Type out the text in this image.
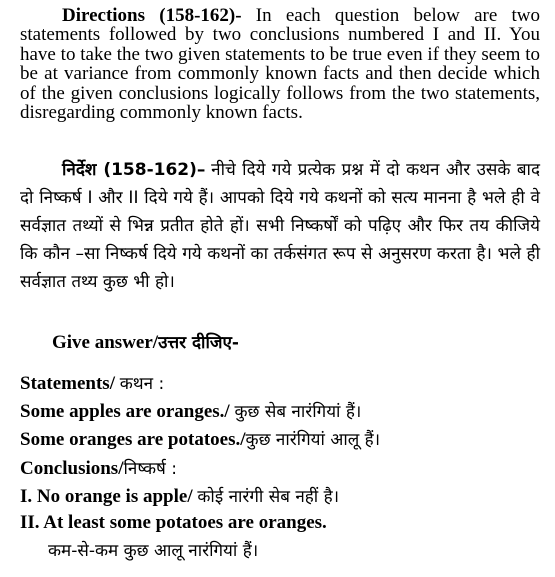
Directions (158-162)- In each question below are two statements followed by two conclusions numbered I and II. You have to take the two given statements to be true even if they seem to be at variance from commonly known facts and then decide which of the given conclusions logically follows from the two statements, disregarding commonly known facts.

निर्देश (158-162)– नीचे दिये गये प्रत्येक प्रश्न में दो कथन और उसके बाद दो निष्कर्ष I और II दिये गये हैं। आपको दिये गये कथनों को सत्य मानना है भले ही वे सर्वज्ञात तथ्यों से भिन्न प्रतीत होते हों। सभी निष्कर्षों को पढ़िए और फिर तय कीजिये कि कौन –सा निष्कर्ष दिये गये कथनों का तर्कसंगत रूप से अनुसरण करता है। भले ही सर्वज्ञात तथ्य कुछ भी हो।

Give answer/उत्तर दीजिए-
Statements/ कथन :
Some apples are oranges./ कुछ सेब नारंगियां हैं।
Some oranges are potatoes./कुछ नारंगियां आलू हैं।
Conclusions/निष्कर्ष :
I. No orange is apple/ कोई नारंगी सेब नहीं है।
II. At least some potatoes are oranges.
कम-से-कम कुछ आलू नारंगियां हैं।
